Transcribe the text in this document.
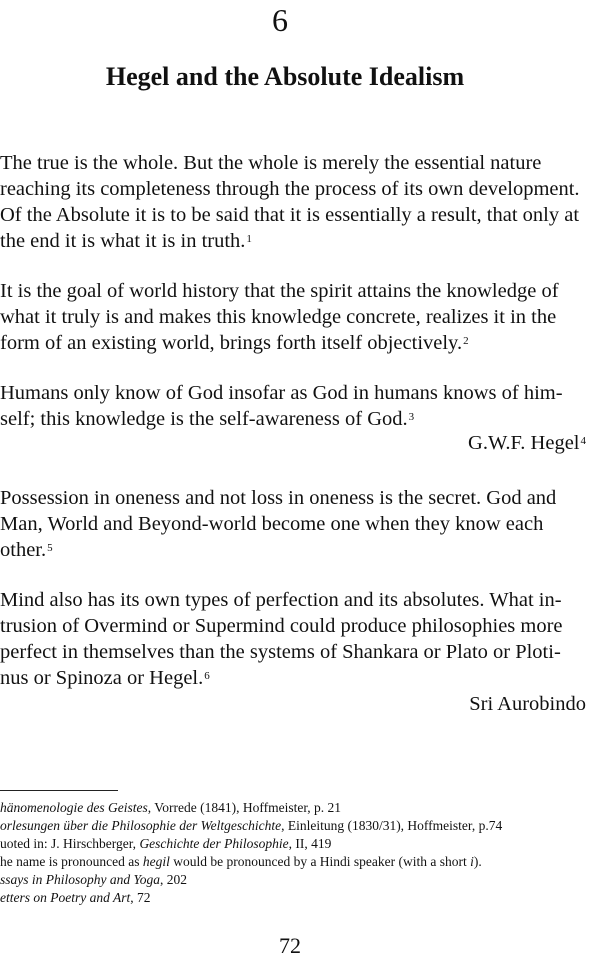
6
Hegel and the Absolute Idealism

The true is the whole. But the whole is merely the essential nature

reaching its completeness through the process of its own development.

Of the Absolute it is to be said that it is essentially a result, that only at

the end it is what it is in truth.$^1$

It is the goal of world history that the spirit attains the knowledge of

what it truly is and makes this knowledge concrete, realizes it in the

form of an existing world, brings forth itself objectively.$^2$

Humans only know of God insofar as God in humans knows of him-

self; this knowledge is the self-awareness of God.$^3$

G.W.F. Hegel$^4$

Possession in oneness and not loss in oneness is the secret. God and

Man, World and Beyond-world become one when they know each

other.$^5$

Mind also has its own types of perfection and its absolutes. What in-

trusion of Overmind or Supermind could produce philosophies more

perfect in themselves than the systems of Shankara or Plato or Ploti-

nus or Spinoza or Hegel.$^6$

Sri Aurobindo

hänomenologie des Geistes, Vorrede (1841), Hoffmeister, p. 21

orlesungen über die Philosophie der Weltgeschichte, Einleitung (1830/31), Hoffmeister, p.74

uoted in: J. Hirschberger, Geschichte der Philosophie, II, 419

he name is pronounced as hegil would be pronounced by a Hindi speaker (with a short i).

ssays in Philosophy and Yoga, 202

etters on Poetry and Art, 72

72
